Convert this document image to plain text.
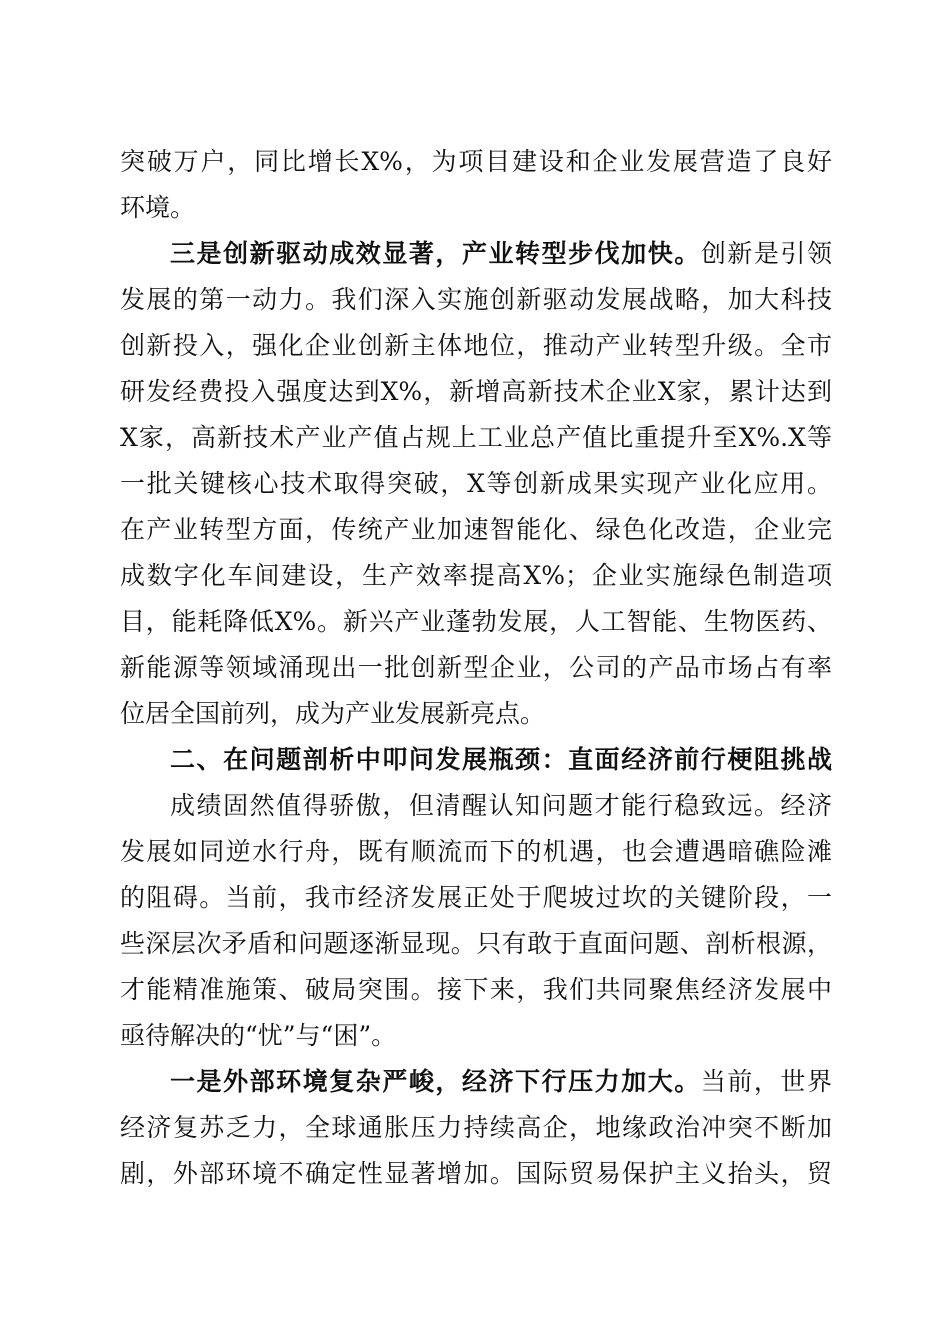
突破万户，同比增长X%，为项目建设和企业发展营造了良好
环境。
三是创新驱动成效显著，产业转型步伐加快。创新是引领
发展的第一动力。我们深入实施创新驱动发展战略，加大科技
创新投入，强化企业创新主体地位，推动产业转型升级。全市
研发经费投入强度达到X%，新增高新技术企业X家，累计达到
X家，高新技术产业产值占规上工业总产值比重提升至X%.X等
一批关键核心技术取得突破，X等创新成果实现产业化应用。
在产业转型方面，传统产业加速智能化、绿色化改造，企业完
成数字化车间建设，生产效率提高X%；企业实施绿色制造项
目，能耗降低X%。新兴产业蓬勃发展，人工智能、生物医药、
新能源等领域涌现出一批创新型企业，公司的产品市场占有率
位居全国前列，成为产业发展新亮点。
二、在问题剖析中叩问发展瓶颈：直面经济前行梗阻挑战
成绩固然值得骄傲，但清醒认知问题才能行稳致远。经济
发展如同逆水行舟，既有顺流而下的机遇，也会遭遇暗礁险滩
的阻碍。当前，我市经济发展正处于爬坡过坎的关键阶段，一
些深层次矛盾和问题逐渐显现。只有敢于直面问题、剖析根源，
才能精准施策、破局突围。接下来，我们共同聚焦经济发展中
亟待解决的“忧”与“困”。
一是外部环境复杂严峻，经济下行压力加大。当前，世界
经济复苏乏力，全球通胀压力持续高企，地缘政治冲突不断加
剧，外部环境不确定性显著增加。国际贸易保护主义抬头，贸
